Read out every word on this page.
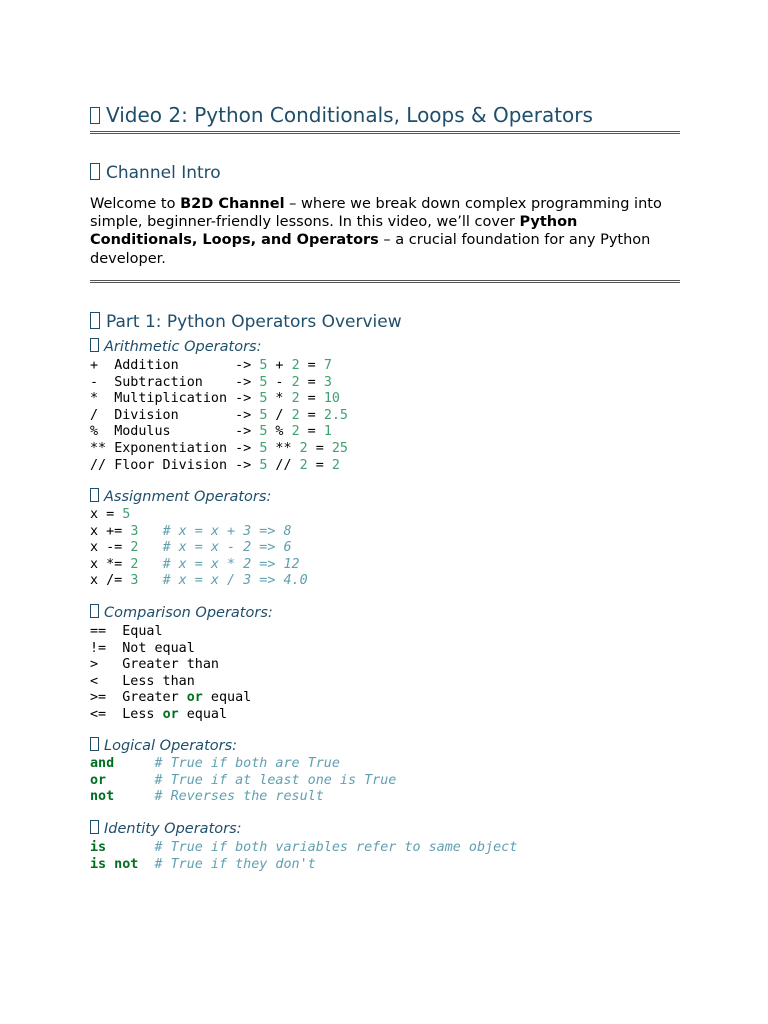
Video 2: Python Conditionals, Loops & Operators
Channel Intro

Welcome to B2D Channel – where we break down complex programming into simple, beginner-friendly lessons. In this video, we’ll cover Python Conditionals, Loops, and Operators – a crucial foundation for any Python developer.

Part 1: Python Operators Overview
Arithmetic Operators:
+  Addition       -> 5 + 2 = 7
-  Subtraction    -> 5 - 2 = 3
*  Multiplication -> 5 * 2 = 10
/  Division       -> 5 / 2 = 2.5
%  Modulus        -> 5 % 2 = 1
** Exponentiation -> 5 ** 2 = 25
// Floor Division -> 5 // 2 = 2
Assignment Operators:
x = 5
x += 3 # x = x + 3 => 8
x -= 2 # x = x - 2 => 6
x *= 2 # x = x * 2 => 12
x /= 3 # x = x / 3 => 4.0
Comparison Operators:
==  Equal
!=  Not equal
>   Greater than
<   Less than
>=  Greater or equal
<=  Less or equal
Logical Operators:
and	# True if both are True
or	# True if at least one is True
not	# Reverses the result
Identity Operators:
is	# True if both variables refer to same object
is not # True if they don't
